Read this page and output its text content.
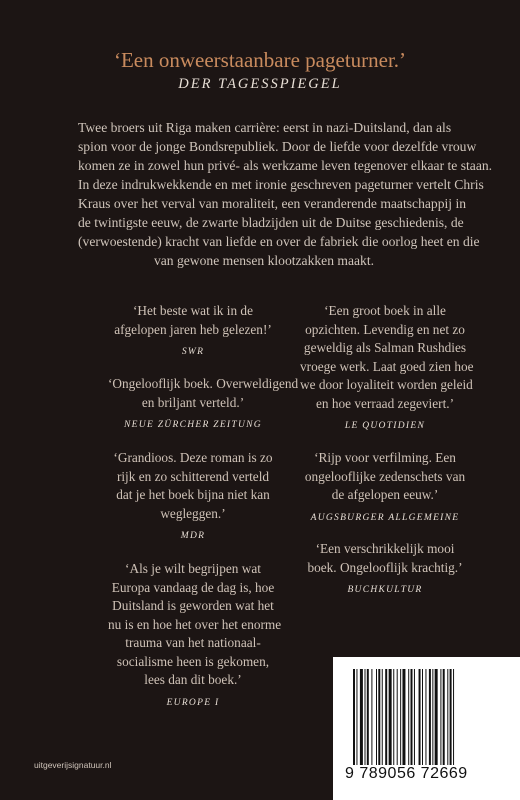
‘Een onweerstaanbare pageturner.’
DER TAGESSPIEGEL
Twee broers uit Riga maken carrière: eerst in nazi-Duitsland, dan als
spion voor de jonge Bondsrepubliek. Door de liefde voor dezelfde vrouw
komen ze in zowel hun privé- als werkzame leven tegenover elkaar te staan.
In deze indrukwekkende en met ironie geschreven pageturner vertelt Chris
Kraus over het verval van moraliteit, een veranderende maatschappij in
de twintigste eeuw, de zwarte bladzijden uit de Duitse geschiedenis, de
(verwoestende) kracht van liefde en over de fabriek die oorlog heet en die
van gewone mensen klootzakken maakt.
‘Het beste wat ik in de
afgelopen jaren heb gelezen!’
SWR
‘Ongelooflijk boek. Overweldigend
en briljant verteld.’
NEUE ZÜRCHER ZEITUNG
‘Grandioos. Deze roman is zo
rijk en zo schitterend verteld
dat je het boek bijna niet kan
wegleggen.’
MDR
‘Als je wilt begrijpen wat
Europa vandaag de dag is, hoe
Duitsland is geworden wat het
nu is en hoe het over het enorme
trauma van het nationaal-
socialisme heen is gekomen,
lees dan dit boek.’
EUROPE I
‘Een groot boek in alle
opzichten. Levendig en net zo
geweldig als Salman Rushdies
vroege werk. Laat goed zien hoe
we door loyaliteit worden geleid
en hoe verraad zegeviert.’
LE QUOTIDIEN
‘Rijp voor verfilming. Een
ongelooflijke zedenschets van
de afgelopen eeuw.’
AUGSBURGER ALLGEMEINE
‘Een verschrikkelijk mooi
boek. Ongelooflijk krachtig.’
BUCHKULTUR
uitgeverijsignatuur.nl	9 789056 72669
